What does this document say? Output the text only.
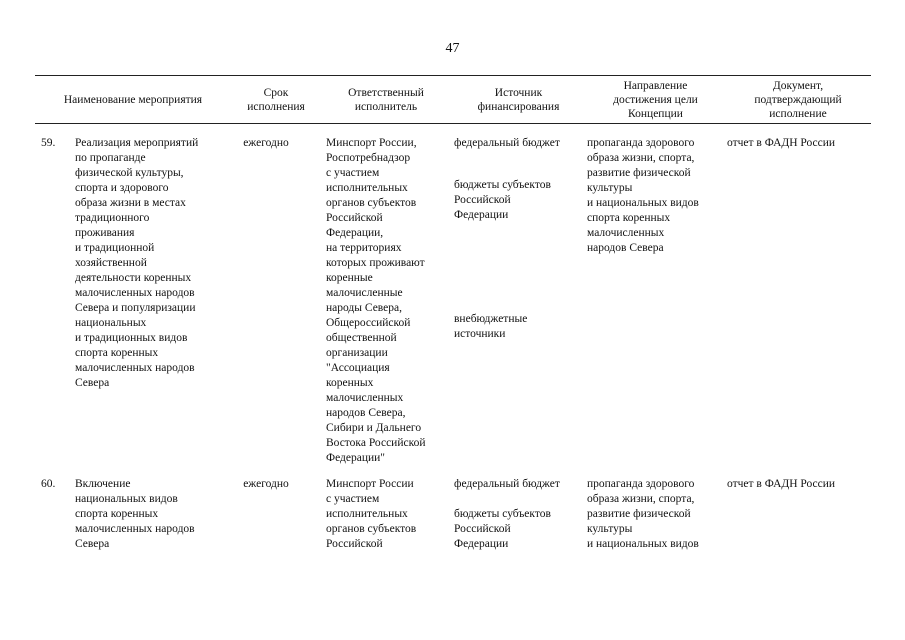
47
Наименование мероприятия
Срок
исполнения
Ответственный
исполнитель
Источник
финансирования
Направление
достижения цели
Концепции
Документ,
подтверждающий
исполнение
59. Реализация мероприятий
по пропаганде
физической культуры,
спорта и здорового
образа жизни в местах
традиционного
проживания
и традиционной
хозяйственной
деятельности коренных
малочисленных народов
Севера и популяризации
национальных
и традиционных видов
спорта коренных
малочисленных народов
Севера
ежегодно	Минспорт России,
Роспотребнадзор
с участием
исполнительных
органов субъектов
Российской
Федерации,
на территориях
которых проживают
коренные
малочисленные
народы Севера,
Общероссийской
общественной
организации
"Ассоциация
коренных
малочисленных
народов Севера,
Сибири и Дальнего
Востока Российской
Федерации"

федеральный бюджет

бюджеты субъектов
Российской
Федерации

внебюджетные
источники

пропаганда здорового
образа жизни, спорта,
развитие физической
культуры
и национальных видов
спорта коренных
малочисленных
народов Севера
отчет в ФАДН России
60. Включение
национальных видов
спорта коренных
малочисленных народов
Севера
ежегодно	Минспорт России
с участием
исполнительных
органов субъектов
Российской

федеральный бюджет

бюджеты субъектов
Российской
Федерации

пропаганда здорового
образа жизни, спорта,
развитие физической
культуры
и национальных видов
отчет в ФАДН России
